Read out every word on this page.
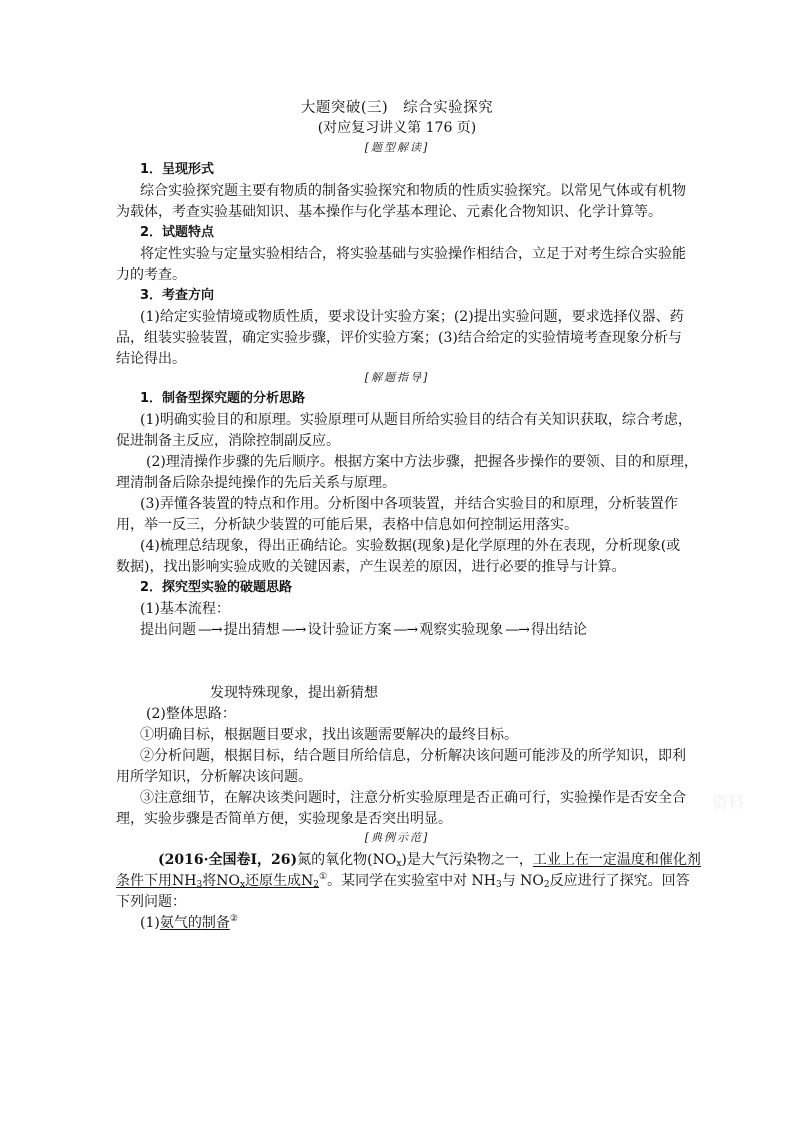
大题突破(三)　综合实验探究
(对应复习讲义第 176 页)
[题型解读]
1．呈现形式
综合实验探究题主要有物质的制备实验探究和物质的性质实验探究。以常见气体或有机物
为载体，考查实验基础知识、基本操作与化学基本理论、元素化合物知识、化学计算等。
2．试题特点
将定性实验与定量实验相结合，将实验基础与实验操作相结合，立足于对考生综合实验能
力的考查。
3．考查方向
(1)给定实验情境或物质性质，要求设计实验方案；(2)提出实验问题，要求选择仪器、药
品，组装实验装置，确定实验步骤，评价实验方案；(3)结合给定的实验情境考查现象分析与
结论得出。
[解题指导]
1．制备型探究题的分析思路
(1)明确实验目的和原理。实验原理可从题目所给实验目的结合有关知识获取，综合考虑，
促进制备主反应，消除控制副反应。
(2)理清操作步骤的先后顺序。根据方案中方法步骤，把握各步操作的要领、目的和原理，
理清制备后除杂提纯操作的先后关系与原理。
(3)弄懂各装置的特点和作用。分析图中各项装置，并结合实验目的和原理，分析装置作
用，举一反三，分析缺少装置的可能后果，表格中信息如何控制运用落实。
(4)梳理总结现象，得出正确结论。实验数据(现象)是化学原理的外在表现，分析现象(或
数据)，找出影响实验成败的关键因素，产生误差的原因，进行必要的推导与计算。
2．探究型实验的破题思路
(1)基本流程：
提出问题 —→ 提出猜想 —→ 设计验证方案 —→ 观察实验现象 —→ 得出结论
发现特殊现象，提出新猜想
(2)整体思路：
①明确目标，根据题目要求，找出该题需要解决的最终目标。
②分析问题，根据目标，结合题目所给信息，分析解决该问题可能涉及的所学知识，即利
用所学知识，分析解决该问题。
③注意细节，在解决该类问题时，注意分析实验原理是否正确可行，实验操作是否安全合
理，实验步骤是否简单方便，实验现象是否突出明显。
[典例示范]
(2016·全国卷Ⅰ，26)氮的氧化物$(NO_x)$是大气污染物之一，工业上在一定温度和催化剂
条件下用$NH_3$将$NO_x$还原生成$N_2^①$。某同学在实验室中对 $NH_3$与 $NO_2$反应进行了探究。回答
下列问题：
(1)氨气的制备②
资料
